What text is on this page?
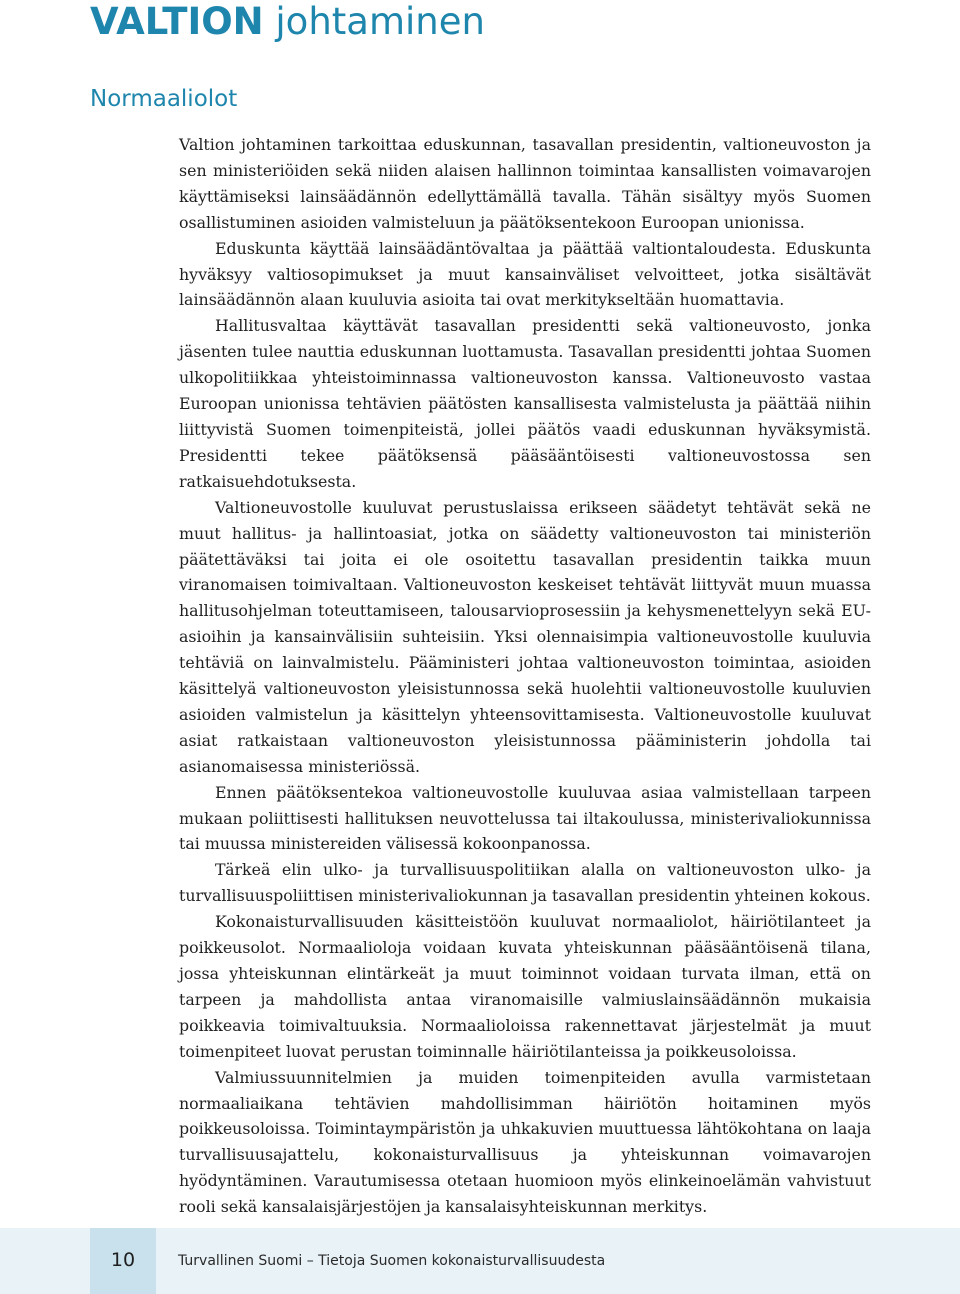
VALTION johtaminen
Normaaliolot

Valtion johtaminen tarkoittaa eduskunnan, tasavallan presidentin, valtioneuvoston ja sen ministeriöiden sekä niiden alaisen hallinnon toimintaa kansallisten voimavarojen käyttämiseksi lainsäädännön edellyttämällä tavalla. Tähän sisältyy myös Suomen osallistuminen asioiden valmisteluun ja päätöksentekoon Euroopan unionissa.

Eduskunta käyttää lainsäädäntövaltaa ja päättää valtiontaloudesta. Eduskunta hyväksyy valtiosopimukset ja muut kansainväliset velvoitteet, jotka sisältävät lainsäädännön alaan kuuluvia asioita tai ovat merkitykseltään huomattavia.

Hallitusvaltaa käyttävät tasavallan presidentti sekä valtioneuvosto, jonka jäsenten tulee nauttia eduskunnan luottamusta. Tasavallan presidentti johtaa Suomen ulkopolitiikkaa yhteistoiminnassa valtioneuvoston kanssa. Valtioneuvosto vastaa Euroopan unionissa tehtävien päätösten kansallisesta valmistelusta ja päättää niihin liittyvistä Suomen toimenpiteistä, jollei päätös vaadi eduskunnan hyväksymistä. Presidentti tekee päätöksensä pääsääntöisesti valtioneuvostossa sen ratkaisuehdotuksesta.

Valtioneuvostolle kuuluvat perustuslaissa erikseen säädetyt tehtävät sekä ne muut hallitus- ja hallintoasiat, jotka on säädetty valtioneuvoston tai ministeriön päätettäväksi tai joita ei ole osoitettu tasavallan presidentin taikka muun viranomaisen toimivaltaan. Valtioneuvoston keskeiset tehtävät liittyvät muun muassa hallitusohjelman toteuttamiseen, talousarvioprosessiin ja kehysmenettelyyn sekä EU-asioihin ja kansainvälisiin suhteisiin. Yksi olennaisimpia valtioneuvostolle kuuluvia tehtäviä on lainvalmistelu. Pääministeri johtaa valtioneuvoston toimintaa, asioiden käsittelyä valtioneuvoston yleisistunnossa sekä huolehtii valtioneuvostolle kuuluvien asioiden valmistelun ja käsittelyn yhteensovittamisesta. Valtioneuvostolle kuuluvat asiat ratkaistaan valtioneuvoston yleisistunnossa pääministerin johdolla tai asianomaisessa ministeriössä.

Ennen päätöksentekoa valtioneuvostolle kuuluvaa asiaa valmistellaan tarpeen mukaan poliittisesti hallituksen neuvottelussa tai iltakoulussa, ministerivaliokunnissa tai muussa ministereiden välisessä kokoonpanossa.

Tärkeä elin ulko- ja turvallisuuspolitiikan alalla on valtioneuvoston ulko- ja turvallisuuspoliittisen ministerivaliokunnan ja tasavallan presidentin yhteinen kokous.

Kokonaisturvallisuuden käsitteistöön kuuluvat normaaliolot, häiriötilanteet ja poikkeusolot. Normaalioloja voidaan kuvata yhteiskunnan pääsääntöisenä tilana, jossa yhteiskunnan elintärkeät ja muut toiminnot voidaan turvata ilman, että on tarpeen ja mahdollista antaa viranomaisille valmiuslainsäädännön mukaisia poikkeavia toimivaltuuksia. Normaalioloissa rakennettavat järjestelmät ja muut toimenpiteet luovat perustan toiminnalle häiriötilanteissa ja poikkeusoloissa.

Valmiussuunnitelmien ja muiden toimenpiteiden avulla varmistetaan normaaliaikana tehtävien mahdollisimman häiriötön hoitaminen myös poikkeusoloissa. Toimintaympäristön ja uhkakuvien muuttuessa lähtökohtana on laaja turvallisuusajattelu, kokonaisturvallisuus ja yhteiskunnan voimavarojen hyödyntäminen. Varautumisessa otetaan huomioon myös elinkeinoelämän vahvistuut rooli sekä kansalaisjärjestöjen ja kansalaisyhteiskunnan merkitys.

10	Turvallinen Suomi – Tietoja Suomen kokonaisturvallisuudesta
